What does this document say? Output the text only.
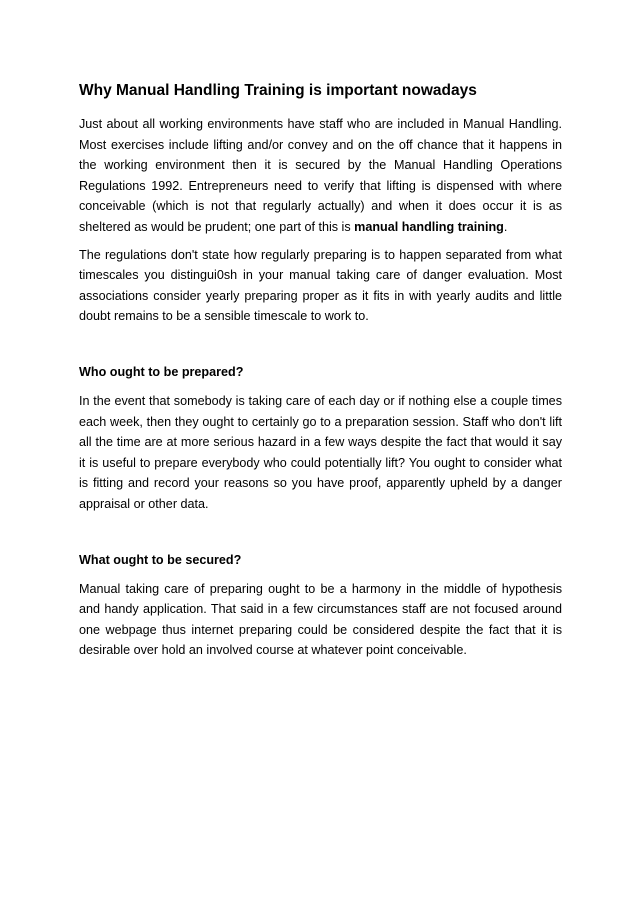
Why Manual Handling Training is important nowadays

Just about all working environments have staff who are included in Manual Handling. Most exercises include lifting and/or convey and on the off chance that it happens in the working environment then it is secured by the Manual Handling Operations Regulations 1992. Entrepreneurs need to verify that lifting is dispensed with where conceivable (which is not that regularly actually) and when it does occur it is as sheltered as would be prudent; one part of this is manual handling training.

The regulations don't state how regularly preparing is to happen separated from what timescales you distingui0sh in your manual taking care of danger evaluation. Most associations consider yearly preparing proper as it fits in with yearly audits and little doubt remains to be a sensible timescale to work to.

Who ought to be prepared?

In the event that somebody is taking care of each day or if nothing else a couple times each week, then they ought to certainly go to a preparation session. Staff who don't lift all the time are at more serious hazard in a few ways despite the fact that would it say it is useful to prepare everybody who could potentially lift? You ought to consider what is fitting and record your reasons so you have proof, apparently upheld by a danger appraisal or other data.

What ought to be secured?

Manual taking care of preparing ought to be a harmony in the middle of hypothesis and handy application. That said in a few circumstances staff are not focused around one webpage thus internet preparing could be considered despite the fact that it is desirable over hold an involved course at whatever point conceivable.
